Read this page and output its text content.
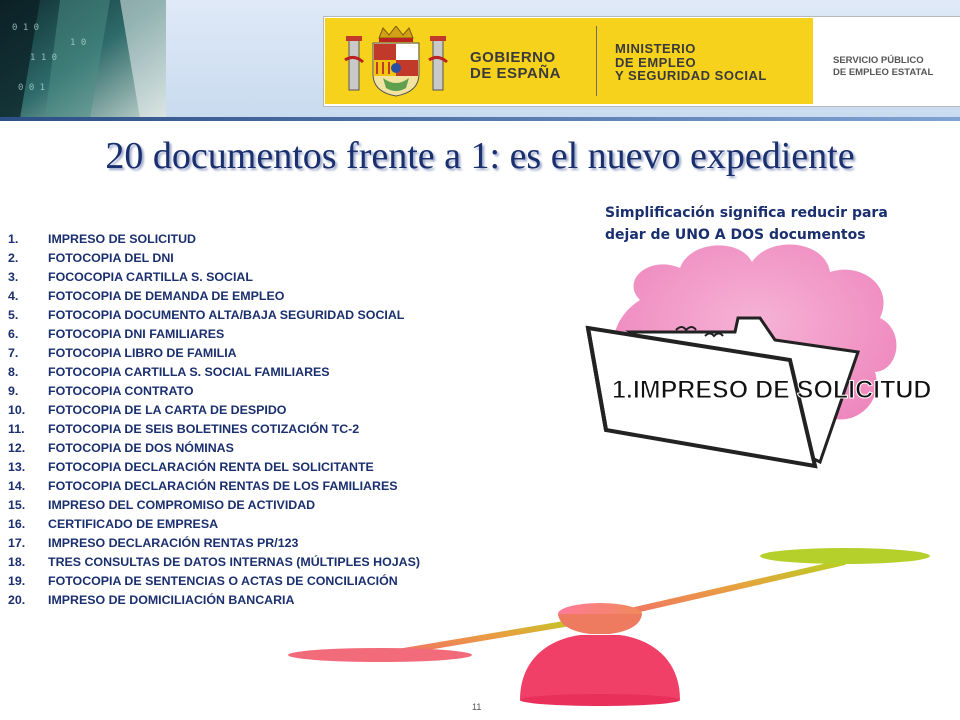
0 1 0
1 1 0
0 0 1
1 0
GOBIERNO
DE ESPAÑA
MINISTERIO
DE EMPLEO
Y SEGURIDAD SOCIAL
SERVICIO PÚBLICO
DE EMPLEO ESTATAL
20 documentos frente a 1: es el nuevo expediente
Simplificación significa reducir para
dejar de UNO A DOS documentos
1. IMPRESO DE SOLICITUD
2. FOTOCOPIA DEL DNI
3. FOCOCOPIA CARTILLA S. SOCIAL
4. FOTOCOPIA DE DEMANDA DE EMPLEO
5. FOTOCOPIA DOCUMENTO ALTA/BAJA SEGURIDAD SOCIAL
6. FOTOCOPIA DNI FAMILIARES
7. FOTOCOPIA LIBRO DE FAMILIA
8. FOTOCOPIA CARTILLA S. SOCIAL FAMILIARES
9. FOTOCOPIA CONTRATO
10. FOTOCOPIA DE LA CARTA DE DESPIDO
11. FOTOCOPIA DE SEIS BOLETINES COTIZACIÓN TC-2
12. FOTOCOPIA DE DOS NÓMINAS
13. FOTOCOPIA DECLARACIÓN RENTA DEL SOLICITANTE
14. FOTOCOPIA DECLARACIÓN RENTAS DE LOS FAMILIARES
15. IMPRESO DEL COMPROMISO DE ACTIVIDAD
16. CERTIFICADO DE EMPRESA
17. IMPRESO DECLARACIÓN RENTAS PR/123
18. TRES CONSULTAS DE DATOS INTERNAS (MÚLTIPLES HOJAS)
19. FOTOCOPIA DE SENTENCIAS O ACTAS DE CONCILIACIÓN
20. IMPRESO DE DOMICILIACIÓN BANCARIA
1.IMPRESO DE SOLICITUD
11
